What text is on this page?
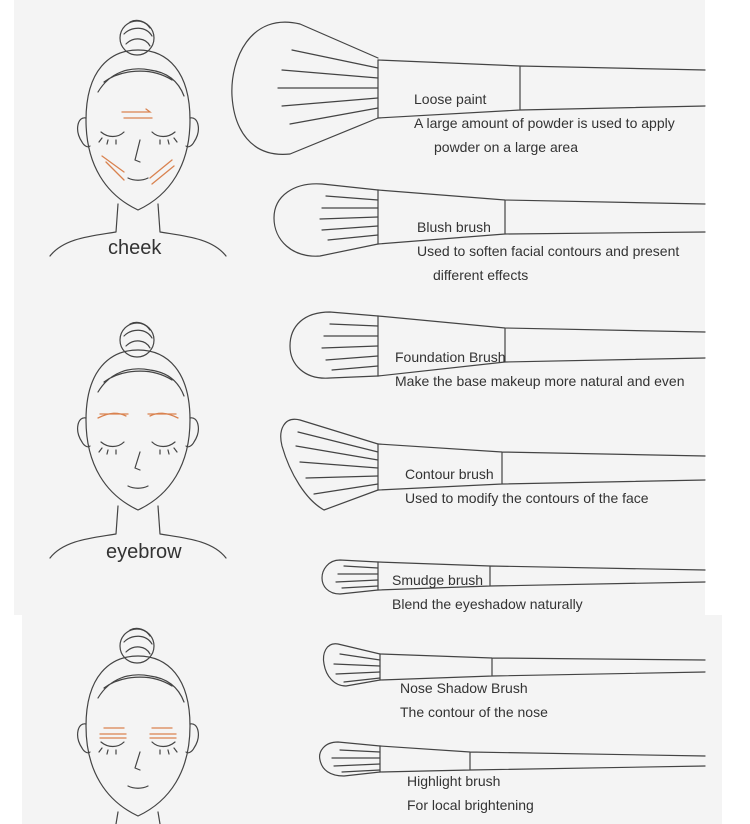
cheek
eyebrow
Loose paint
A large amount of powder is used to apply powder on a large area
Blush brush
Used to soften facial contours and present different effects
Foundation Brush
Make the base makeup more natural and even
Contour brush
Used to modify the contours of the face
Smudge brush
Blend the eyeshadow naturally
Nose Shadow Brush
The contour of the nose
Highlight brush
For local brightening
